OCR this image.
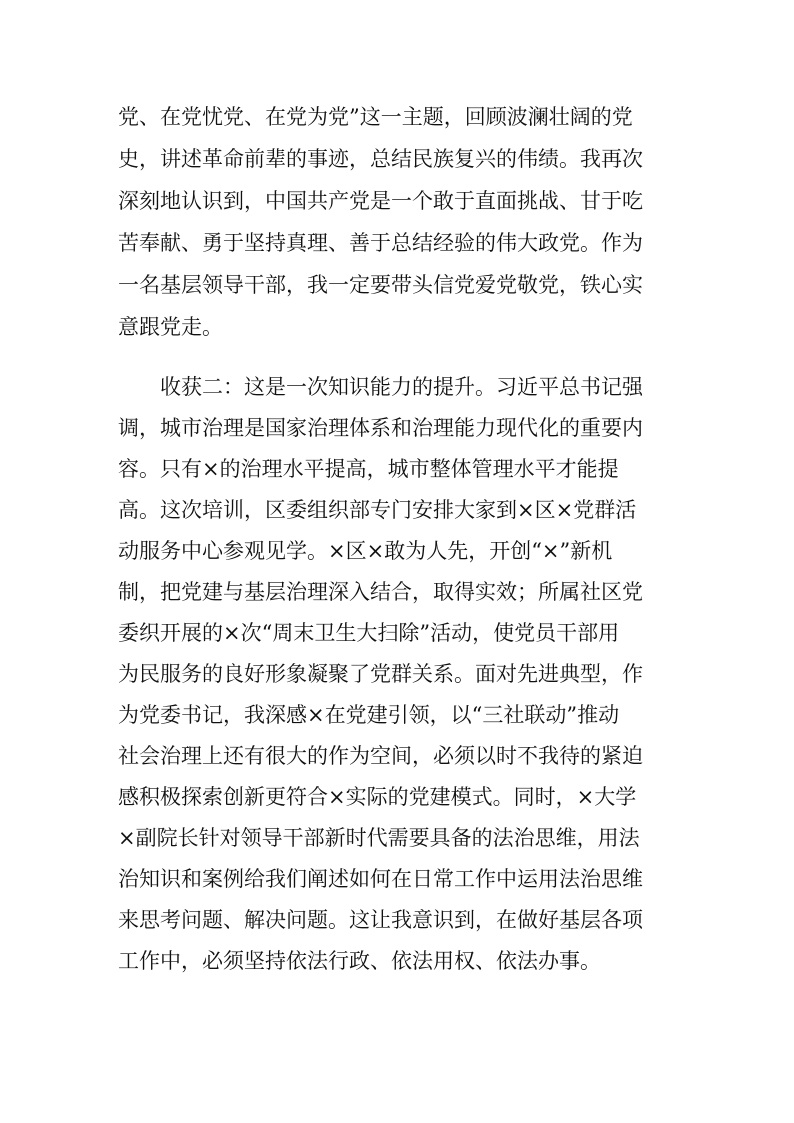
党、在党忧党、在党为党”这一主题，回顾波澜壮阔的党
史，讲述革命前辈的事迹，总结民族复兴的伟绩。我再次
深刻地认识到，中国共产党是一个敢于直面挑战、甘于吃
苦奉献、勇于坚持真理、善于总结经验的伟大政党。作为
一名基层领导干部，我一定要带头信党爱党敬党，铁心实
意跟党走。
收获二：这是一次知识能力的提升。习近平总书记强
调，城市治理是国家治理体系和治理能力现代化的重要内
容。只有×的治理水平提高，城市整体管理水平才能提
高。这次培训，区委组织部专门安排大家到×区×党群活
动服务中心参观见学。×区×敢为人先，开创“×”新机
制，把党建与基层治理深入结合，取得实效；所属社区党
委织开展的×次“周末卫生大扫除”活动，使党员干部用
为民服务的良好形象凝聚了党群关系。面对先进典型，作
为党委书记，我深感×在党建引领，以“三社联动”推动
社会治理上还有很大的作为空间，必须以时不我待的紧迫
感积极探索创新更符合×实际的党建模式。同时，×大学
×副院长针对领导干部新时代需要具备的法治思维，用法
治知识和案例给我们阐述如何在日常工作中运用法治思维
来思考问题、解决问题。这让我意识到，在做好基层各项
工作中，必须坚持依法行政、依法用权、依法办事。
